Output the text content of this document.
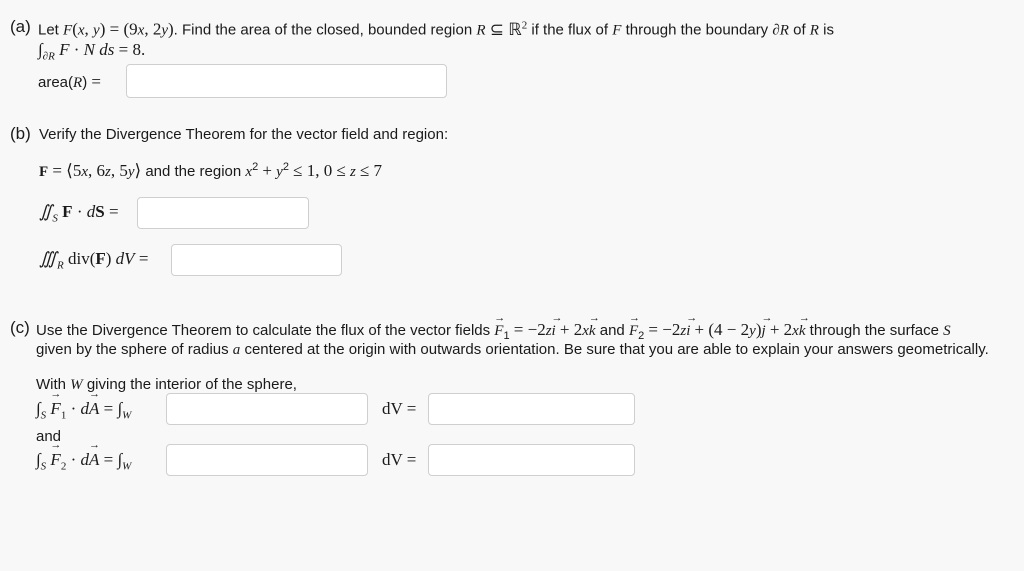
(a) Let F(x, y) = (9x, 2y). Find the area of the closed, bounded region R ⊆ ℝ$^2$ if the flux of F through the boundary ∂R of R is
$\int_{\partial R}$ F · N ds = 8.
area(R) =
(b) Verify the Divergence Theorem for the vector field and region:
F = ⟨5x, 6z, 5y⟩ and the region $x^2 + y^2 \le 1$, 0 ≤ z ≤ 7
$∬_S$ F · dS =
$∭_R$ div(F) dV =
(c) Use the Divergence Theorem to calculate the flux of the vector fields → $F_1 = -2z\to i + 2x\to k$ and → $F_2 = -2z\to i + (4 - 2y)\to j + 2x\to k$ through the surface S
given by the sphere of radius a centered at the origin with outwards orientation. Be sure that you are able to explain your answers geometrically.
With W giving the interior of the sphere,
$\int_S \to F_1 \cdot d\to A = \int_W$	dV =
and
$\int_S \to F_2 \cdot d\to A = \int_W$	dV =
